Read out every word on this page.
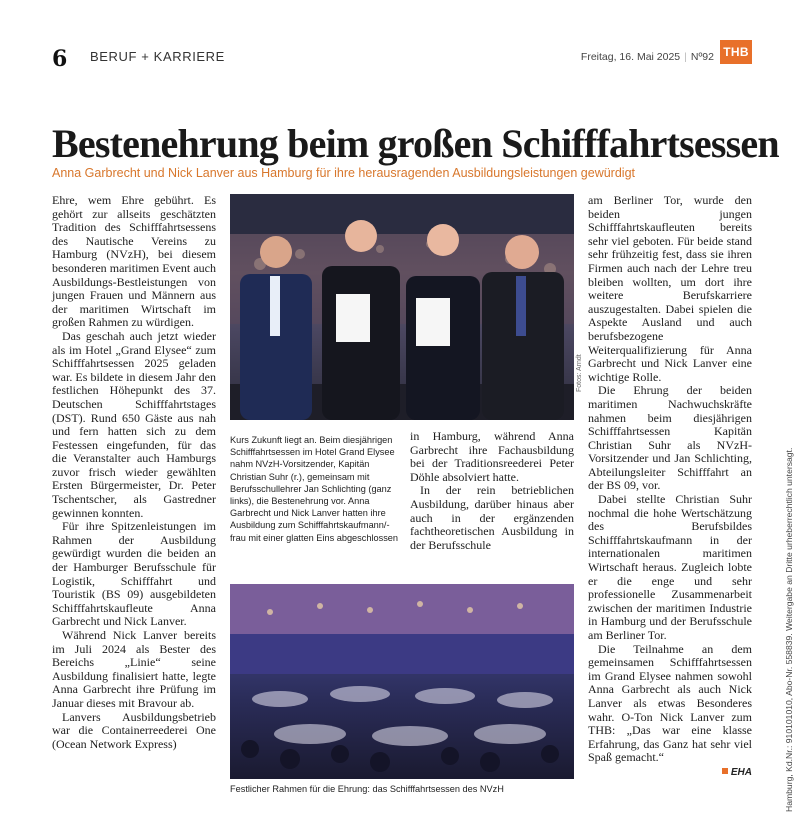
6 BERUF + KARRIERE	Freitag, 16. Mai 2025 | Nº92 THB
Bestenehrung beim großen Schifffahrtsessen
Anna Garbrecht und Nick Lanver aus Hamburg für ihre herausragenden Ausbildungsleistungen gewürdigt

Ehre, wem Ehre gebührt. Es gehört zur allseits geschätzten Tradition des Schifffahrtsessens des Nautische Vereins zu Hamburg (NVzH), bei diesem besonderen maritimen Event auch Ausbildungs-Bestleistungen von jungen Frauen und Männern aus der maritimen Wirtschaft im großen Rahmen zu würdigen.

Das geschah auch jetzt wieder als im Hotel „Grand Elysee“ zum Schifffahrtsessen 2025 geladen war. Es bildete in diesem Jahr den festlichen Höhepunkt des 37. Deutschen Schifffahrtstages (DST). Rund 650 Gäste aus nah und fern hatten sich zu dem Festessen eingefunden, für das die Veranstalter auch Hamburgs zuvor frisch wieder gewählten Ersten Bürgermeister, Dr. Peter Tschentscher, als Gastredner gewinnen konnten.

Für ihre Spitzenleistungen im Rahmen der Ausbildung gewürdigt wurden die beiden an der Hamburger Berufsschule für Logistik, Schifffahrt und Touristik (BS 09) ausgebildeten Schifffahrtskaufleute Anna Garbrecht und Nick Lanver.

Während Nick Lanver bereits im Juli 2024 als Bester des Bereichs „Linie“ seine Ausbildung finalisiert hatte, legte Anna Garbrecht ihre Prüfung im Januar dieses mit Bravour ab.

Lanvers Ausbildungsbetrieb war die Containerreederei One (Ocean Network Express)

Fotos: Arndt
Kurs Zukunft liegt an. Beim diesjährigen Schifffahrtsessen im Hotel Grand Elysee nahm NVzH-Vorsitzender, Kapitän Christian Suhr (r.), gemeinsam mit Berufsschullehrer Jan Schlichting (ganz links), die Bestenehrung vor. Anna Garbrecht und Nick Lanver hatten ihre Ausbildung zum Schifffahrtskaufmann/-frau mit einer glatten Eins abgeschlossen

in Hamburg, während Anna Garbrecht ihre Fachausbildung bei der Traditionsreederei Peter Döhle absolviert hatte.

In der rein betrieblichen Ausbildung, darüber hinaus aber auch in der ergänzenden fachtheoretischen Ausbildung in der Berufsschule

Festlicher Rahmen für die Ehrung: das Schifffahrtsessen des NVzH

am Berliner Tor, wurde den beiden jungen Schifffahrtskaufleuten bereits sehr viel geboten. Für beide stand sehr frühzeitig fest, dass sie ihren Firmen auch nach der Lehre treu bleiben wollten, um dort ihre weitere Berufskarriere auszugestalten. Dabei spielen die Aspekte Ausland und auch berufsbezogene Weiterqualifizierung für Anna Garbrecht und Nick Lanver eine wichtige Rolle.

Die Ehrung der beiden maritimen Nachwuchskräfte nahmen beim diesjährigen Schifffahrtsessen Kapitän Christian Suhr als NVzH-Vorsitzender und Jan Schlichting, Abteilungsleiter Schifffahrt an der BS 09, vor.

Dabei stellte Christian Suhr nochmal die hohe Wertschätzung des Berufsbildes Schifffahrtskaufmann in der internationalen maritimen Wirtschaft heraus. Zugleich lobte er die enge und sehr professionelle Zusammenarbeit zwischen der maritimen Industrie in Hamburg und der Berufsschule am Berliner Tor.

Die Teilnahme an dem gemeinsamen Schifffahrtsessen im Grand Elysee nahmen sowohl Anna Garbrecht als auch Nick Lanver als etwas Besonderes wahr. O-Ton Nick Lanver zum THB: „Das war eine klasse Erfahrung, das Ganz hat sehr viel Spaß gemacht.“

EHA	Hamburg, Kd.Nr.: 910101010, Abo-Nr. 558839. Weitergabe an Dritte urheberrechtlich untersagt.
